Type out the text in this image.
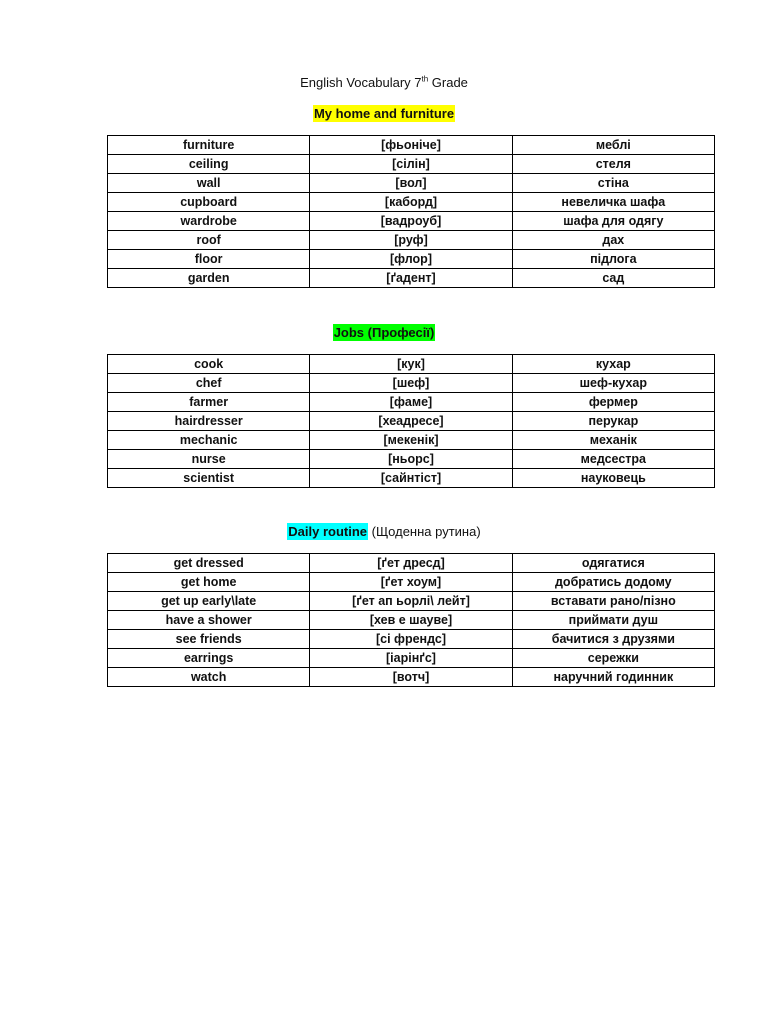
English Vocabulary 7th Grade
My home and furniture
furniture	[фьоніче]	меблі
ceiling	[сілін]	стеля
wall	[вол]	стіна
cupboard	[каборд]	невеличка шафа
wardrobe	[вадроуб]	шафа для одягу
roof	[руф]	дах
floor	[флор]	підлога
garden	[ґадент]	сад
Jobs (Професії)
cook	[кук]	кухар
chef	[шеф]	шеф-кухар
farmer	[фаме]	фермер
hairdresser	[хеадресе]	перукар
mechanic	[мекенік]	механік
nurse	[ньорс]	медсестра
scientist	[сайнтіст]	науковець
Daily routine (Щоденна рутина)
get dressed	[ґет дресд]	одягатися
get home	[ґет хоум]	добратись додому
get up early\late	[ґет ап ьорлі\ лейт]	вставати рано/пізно
have a shower	[хев е шауве]	приймати душ
see friends	[сі френдс]	бачитися з друзями
earrings	[іарінґс]	сережки
watch	[вотч]	наручний годинник
